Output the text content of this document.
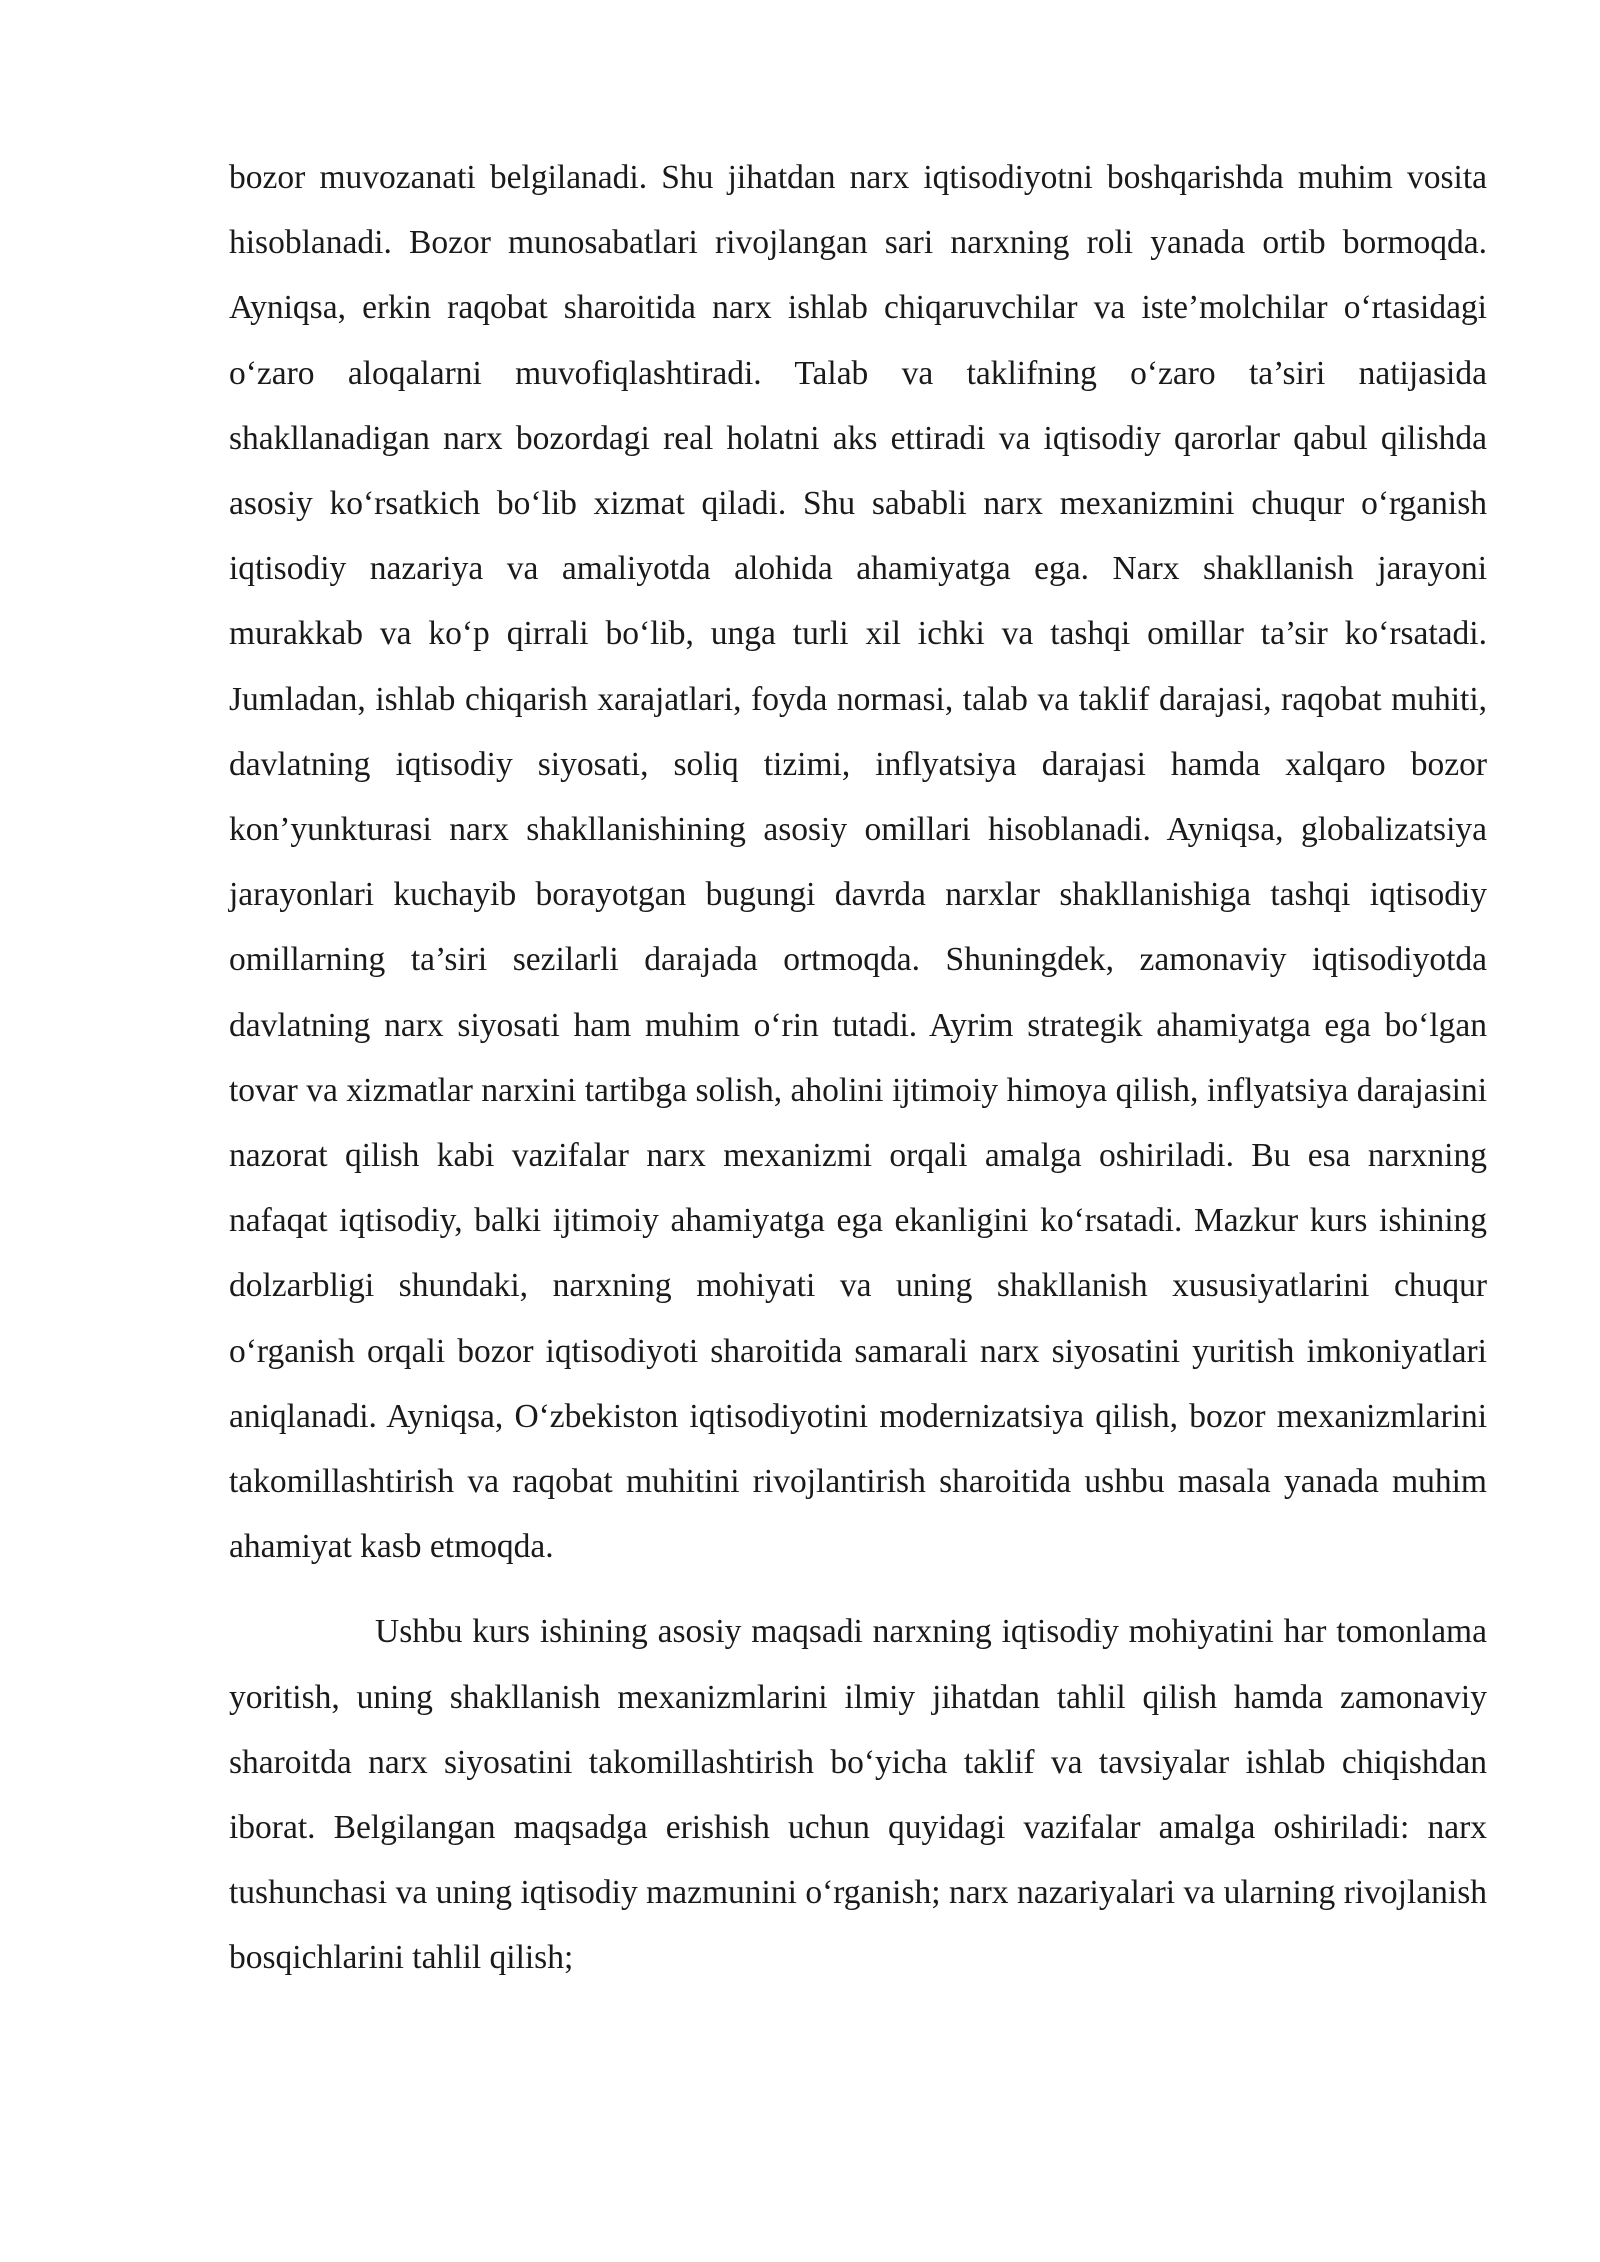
bozor muvozanati belgilanadi. Shu jihatdan narx iqtisodiyotni boshqarishda muhim vosita hisoblanadi. Bozor munosabatlari rivojlangan sari narxning roli yanada ortib bormoqda. Ayniqsa, erkin raqobat sharoitida narx ishlab chiqaruvchilar va iste’molchilar o‘rtasidagi o‘zaro aloqalarni muvofiqlashtiradi. Talab va taklifning o‘zaro ta’siri natijasida shakllanadigan narx bozordagi real holatni aks ettiradi va iqtisodiy qarorlar qabul qilishda asosiy ko‘rsatkich bo‘lib xizmat qiladi. Shu sababli narx mexanizmini chuqur o‘rganish iqtisodiy nazariya va amaliyotda alohida ahamiyatga ega. Narx shakllanish jarayoni murakkab va ko‘p qirrali bo‘lib, unga turli xil ichki va tashqi omillar ta’sir ko‘rsatadi. Jumladan, ishlab chiqarish xarajatlari, foyda normasi, talab va taklif darajasi, raqobat muhiti, davlatning iqtisodiy siyosati, soliq tizimi, inflyatsiya darajasi hamda xalqaro bozor kon’yunkturasi narx shakllanishining asosiy omillari hisoblanadi. Ayniqsa, globalizatsiya jarayonlari kuchayib borayotgan bugungi davrda narxlar shakllanishiga tashqi iqtisodiy omillarning ta’siri sezilarli darajada ortmoqda. Shuningdek, zamonaviy iqtisodiyotda davlatning narx siyosati ham muhim o‘rin tutadi. Ayrim strategik ahamiyatga ega bo‘lgan tovar va xizmatlar narxini tartibga solish, aholini ijtimoiy himoya qilish, inflyatsiya darajasini nazorat qilish kabi vazifalar narx mexanizmi orqali amalga oshiriladi. Bu esa narxning nafaqat iqtisodiy, balki ijtimoiy ahamiyatga ega ekanligini ko‘rsatadi. Mazkur kurs ishining dolzarbligi shundaki, narxning mohiyati va uning shakllanish xususiyatlarini chuqur o‘rganish orqali bozor iqtisodiyoti sharoitida samarali narx siyosatini yuritish imkoniyatlari aniqlanadi. Ayniqsa, O‘zbekiston iqtisodiyotini modernizatsiya qilish, bozor mexanizmlarini takomillashtirish va raqobat muhitini rivojlantirish sharoitida ushbu masala yanada muhim ahamiyat kasb etmoqda.

Ushbu kurs ishining asosiy maqsadi narxning iqtisodiy mohiyatini har tomonlama yoritish, uning shakllanish mexanizmlarini ilmiy jihatdan tahlil qilish hamda zamonaviy sharoitda narx siyosatini takomillashtirish bo‘yicha taklif va tavsiyalar ishlab chiqishdan iborat. Belgilangan maqsadga erishish uchun quyidagi vazifalar amalga oshiriladi: narx tushunchasi va uning iqtisodiy mazmunini o‘rganish; narx nazariyalari va ularning rivojlanish bosqichlarini tahlil qilish;
